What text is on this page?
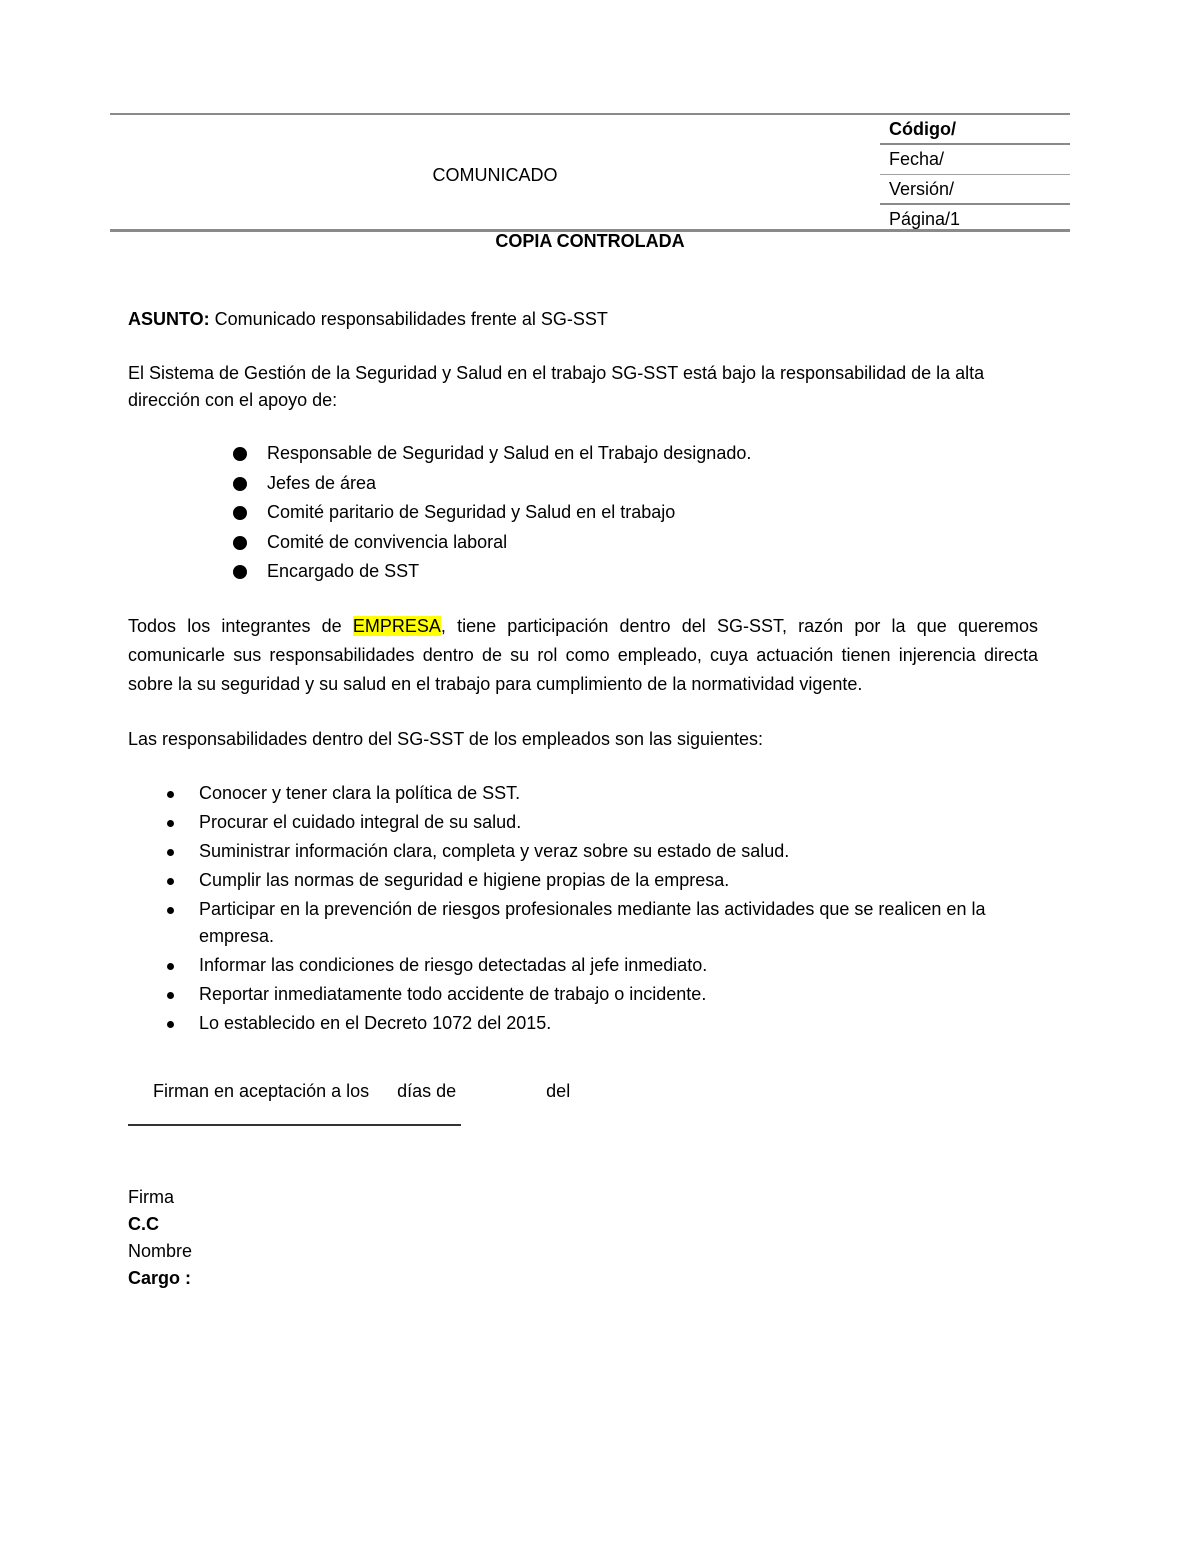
COMUNICADO
Código/
Fecha/
Versión/
Página/1
COPIA CONTROLADA
ASUNTO: Comunicado responsabilidades frente al SG-SST
El Sistema de Gestión de la Seguridad y Salud en el trabajo SG-SST está bajo la responsabilidad de la alta dirección con el apoyo de:
Responsable de Seguridad y Salud en el Trabajo designado.
Jefes de área
Comité paritario de Seguridad y Salud en el trabajo
Comité de convivencia laboral
Encargado de SST
Todos los integrantes de EMPRESA, tiene participación dentro del SG-SST, razón por la que queremos comunicarle sus responsabilidades dentro de su rol como empleado, cuya actuación tienen injerencia directa sobre la su seguridad y su salud en el trabajo para cumplimiento de la normatividad vigente.
Las responsabilidades dentro del SG-SST de los empleados son las siguientes:
Conocer y tener clara la política de SST.
Procurar el cuidado integral de su salud.
Suministrar información clara, completa y veraz sobre su estado de salud.
Cumplir las normas de seguridad e higiene propias de la empresa.
Participar en la prevención de riesgos profesionales mediante las actividades que se realicen en la empresa.
Informar las condiciones de riesgo detectadas al jefe inmediato.
Reportar inmediatamente todo accidente de trabajo o incidente.
Lo establecido en el Decreto 1072 del 2015.
Firman en aceptación a los días de	del
Firma
C.C
Nombre
Cargo :
